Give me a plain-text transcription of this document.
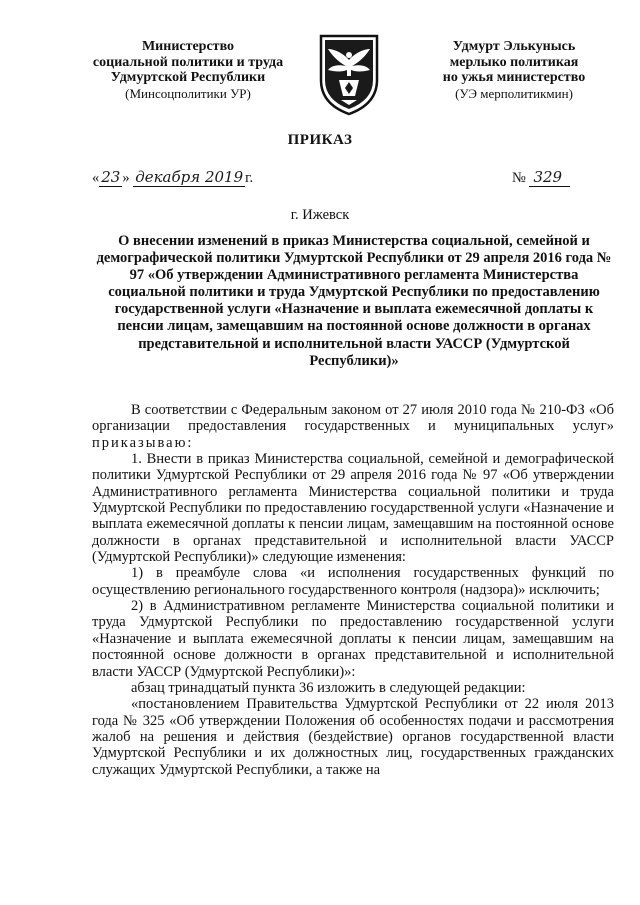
Министерство
социальной политики и труда
Удмуртской Республики
(Минсоцполитики УР)
Удмурт Элькунысь
мерлыко политикая
но ужья министерство
(УЭ мерполитикмин)
ПРИКАЗ
« 23 » декабря 2019 г.	№ 329
г. Ижевск
О внесении изменений в приказ Министерства социальной, семейной и демографической политики Удмуртской Республики от 29 апреля 2016 года № 97 «Об утверждении Административного регламента Министерства социальной политики и труда Удмуртской Республики по предоставлению государственной услуги «Назначение и выплата ежемесячной доплаты к пенсии лицам, замещавшим на постоянной основе должности в органах представительной и исполнительной власти УАССР (Удмуртской Республики)»

В соответствии с Федеральным законом от 27 июля 2010 года № 210-ФЗ «Об организации предоставления государственных и муниципальных услуг» приказываю:

1. Внести в приказ Министерства социальной, семейной и демографической политики Удмуртской Республики от 29 апреля 2016 года № 97 «Об утверждении Административного регламента Министерства социальной политики и труда Удмуртской Республики по предоставлению государственной услуги «Назначение и выплата ежемесячной доплаты к пенсии лицам, замещавшим на постоянной основе должности в органах представительной и исполнительной власти УАССР (Удмуртской Республики)» следующие изменения:

1) в преамбуле слова «и исполнения государственных функций по осуществлению регионального государственного контроля (надзора)» исключить;

2) в Административном регламенте Министерства социальной политики и труда Удмуртской Республики по предоставлению государственной услуги «Назначение и выплата ежемесячной доплаты к пенсии лицам, замещавшим на постоянной основе должности в органах представительной и исполнительной власти УАССР (Удмуртской Республики)»:

абзац тринадцатый пункта 36 изложить в следующей редакции:

«постановлением Правительства Удмуртской Республики от 22 июля 2013 года № 325 «Об утверждении Положения об особенностях подачи и рассмотрения жалоб на решения и действия (бездействие) органов государственной власти Удмуртской Республики и их должностных лиц, государственных гражданских служащих Удмуртской Республики, а также на
